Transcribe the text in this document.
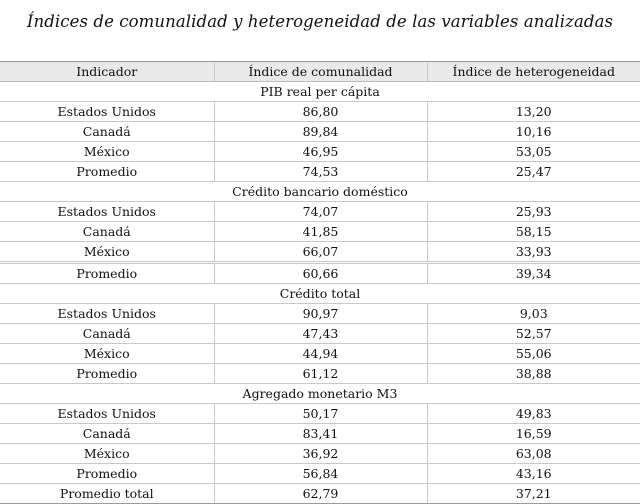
Índices de comunalidad y heterogeneidad de las variables analizadas
Indicador	Índice de comunalidad	Índice de heterogeneidad
PIB real per cápita		
Estados Unidos	86,80	13,20
Canadá	89,84	10,16
México	46,95	53,05
Promedio	74,53	25,47
Crédito bancario doméstico		
Estados Unidos	74,07	25,93
Canadá	41,85	58,15
México	66,07	33,93
Promedio	60,66	39,34
Crédito total		
Estados Unidos	90,97	9,03
Canadá	47,43	52,57
México	44,94	55,06
Promedio	61,12	38,88
Agregado monetario M3		
Estados Unidos	50,17	49,83
Canadá	83,41	16,59
México	36,92	63,08
Promedio	56,84	43,16
Promedio total	62,79	37,21
